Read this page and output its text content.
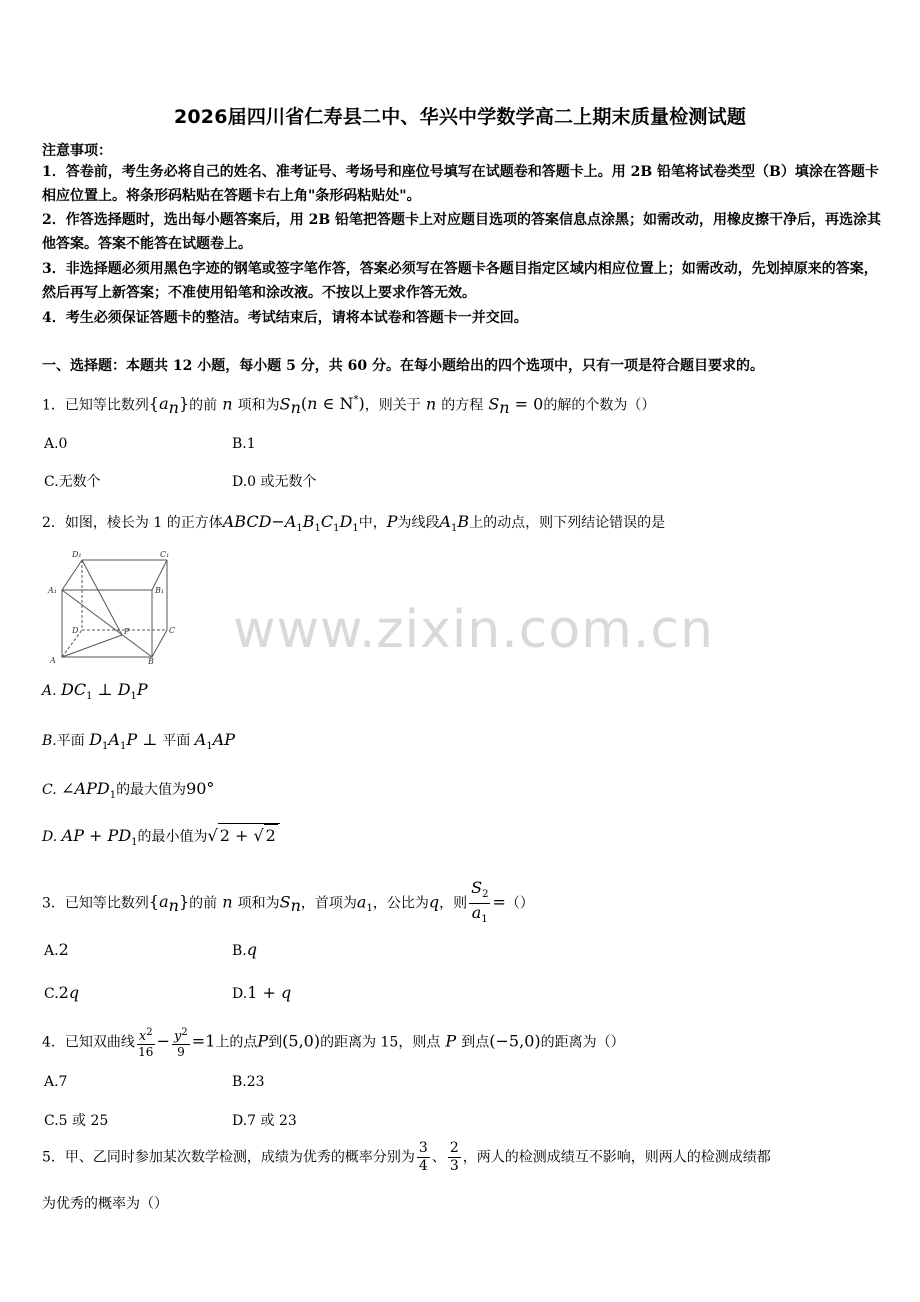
2026届四川省仁寿县二中、华兴中学数学高二上期末质量检测试题
注意事项：
1．答卷前，考生务必将自己的姓名、准考证号、考场号和座位号填写在试题卷和答题卡上。用 2B 铅笔将试卷类型（B）填涂在答题卡相应位置上。将条形码粘贴在答题卡右上角"条形码粘贴处"。
2．作答选择题时，选出每小题答案后，用 2B 铅笔把答题卡上对应题目选项的答案信息点涂黑；如需改动，用橡皮擦干净后，再选涂其他答案。答案不能答在试题卷上。
3．非选择题必须用黑色字迹的钢笔或签字笔作答，答案必须写在答题卡各题目指定区域内相应位置上；如需改动，先划掉原来的答案，然后再写上新答案；不准使用铅笔和涂改液。不按以上要求作答无效。
4．考生必须保证答题卡的整洁。考试结束后，请将本试卷和答题卡一并交回。
一、选择题：本题共 12 小题，每小题 5 分，共 60 分。在每小题给出的四个选项中，只有一项是符合题目要求的。
1．已知等比数列$\{a_n\}$的前 n 项和为$S_n(n$ ∈ N*)，则关于 n 的方程 $S_n = 0$的解的个数为（）
A.0	B.1
C.无数个	D.0 或无数个
2．如图，棱长为 1 的正方体$ABCD-A_1B_1C_1D_1$中，P为线段$A_1B$上的动点，则下列结论错误的是
D₁	C₁
A₁	B₁
D	C
A	B
P
A. $DC_1$ ⊥ $D_1P$
B.平面 $D_1A_1P$ ⊥ 平面 $A_1AP$
C. $\angle APD_1$的最大值为90°
D. AP + $PD_1$的最小值为√ 2 + √ 2
3．已知等比数列$\{a_n\}$的前 n 项和为$S_n$，首项为$a_1$，公比为q，则 $\frac{S_2}{a_1}$ =（）
A.2	B.q
C.2q	D.1 + q
4．已知双曲线 $\frac{x^2}{16} - \frac{y^2}{9} =1$上的点P到(5,0)的距离为 15，则点 P 到点(−5,0)的距离为（）
A.7	B.23
C.5 或 25	D.7 或 23
5．甲、乙同时参加某次数学检测，成绩为优秀的概率分别为 $\frac{3}{4}$ 、 $\frac{2}{3}$ ，两人的检测成绩互不影响，则两人的检测成绩都
为优秀的概率为（）
www.zixin.com.cn
